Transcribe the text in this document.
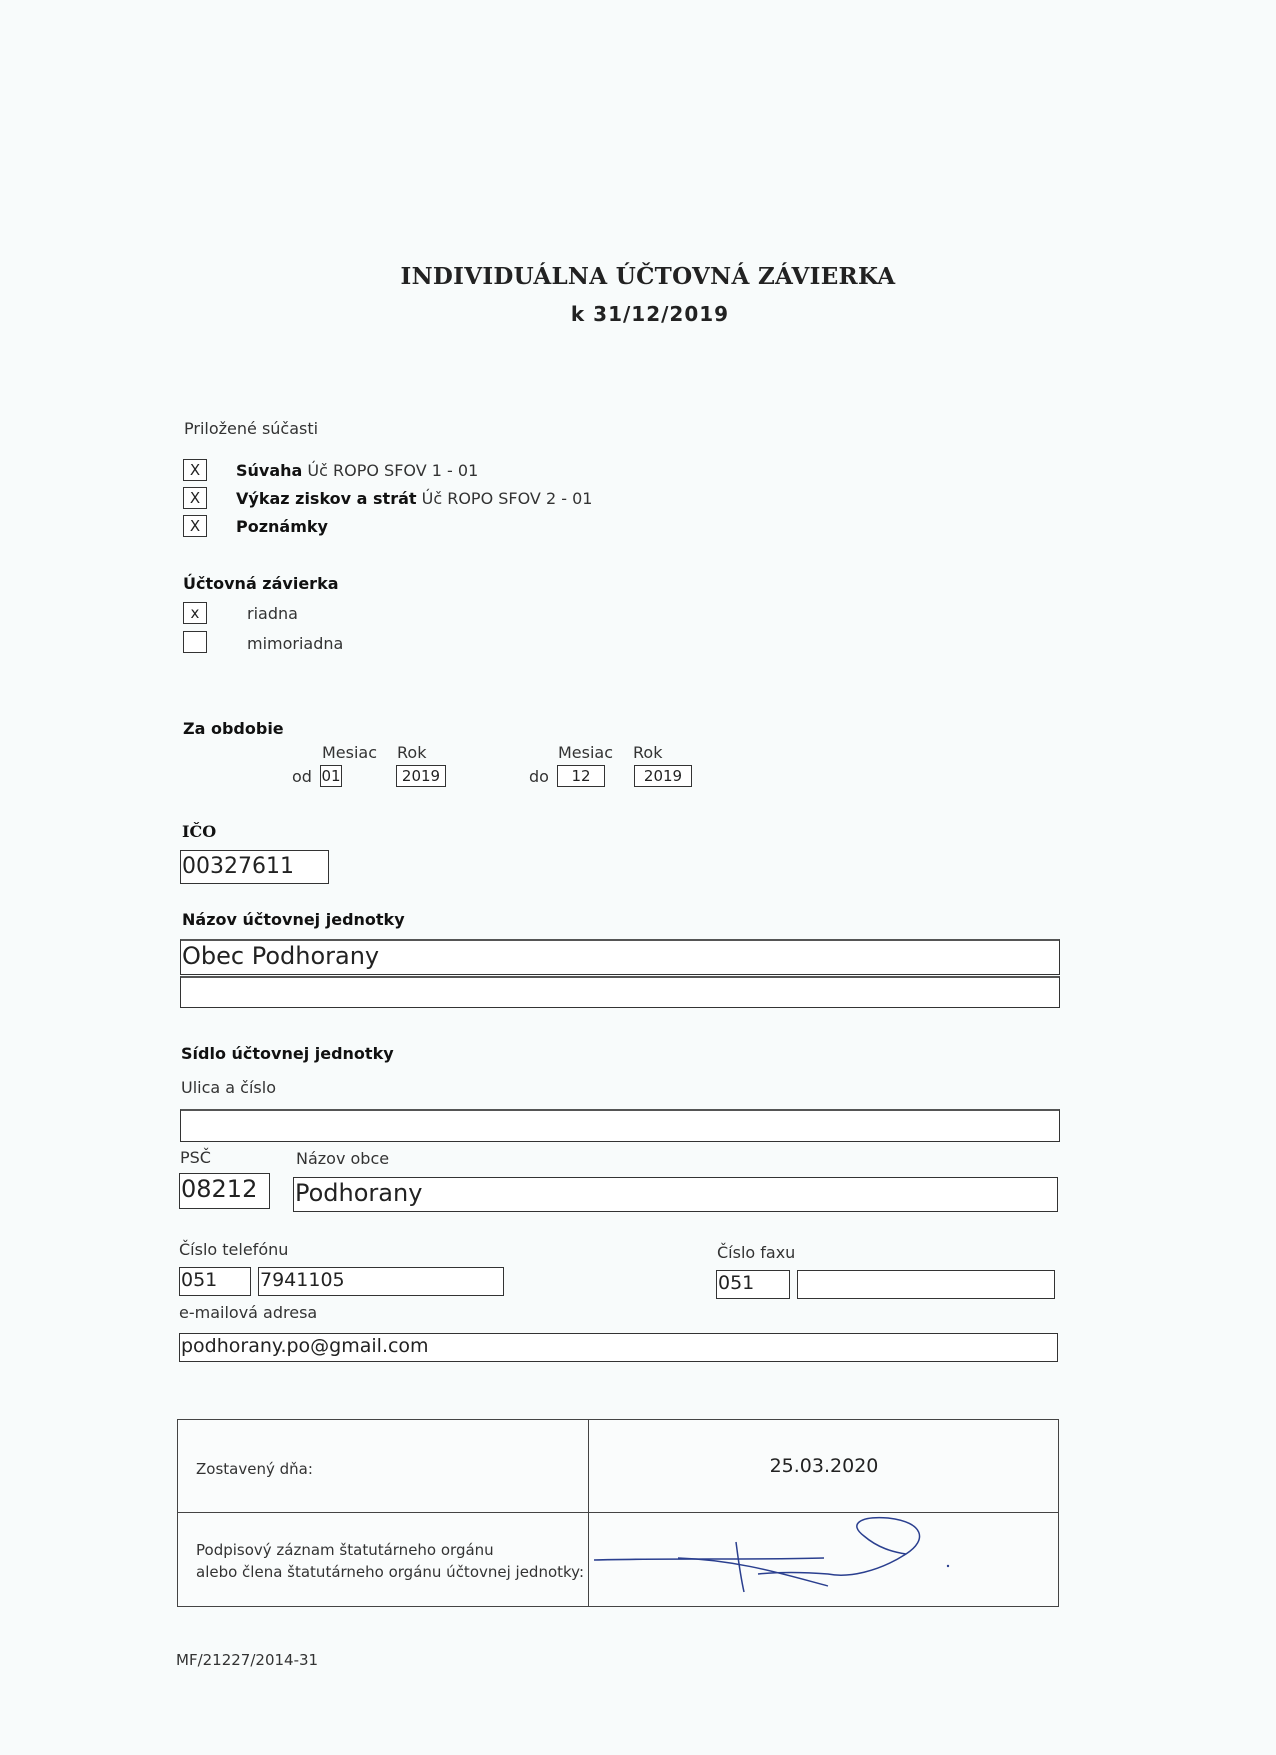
INDIVIDUÁLNA ÚČTOVNÁ ZÁVIERKA
k 31/12/2019
Priložené súčasti
X	Súvaha Úč ROPO SFOV 1 - 01
X	Výkaz ziskov a strát Úč ROPO SFOV 2 - 01
X	Poznámky
Účtovná závierka
x	riadna
mimoriadna
Za obdobie
Mesiac Rok	Mesiac Rok
od 01	2019	do	12	2019
IČO
00327611
Názov účtovnej jednotky
Obec Podhorany
Sídlo účtovnej jednotky
Ulica a číslo
PSČ	Názov obce
08212	Podhorany
Číslo telefónu	Číslo faxu
051	7941105	051
e-mailová adresa
podhorany.po@gmail.com
Zostavený dňa:	25.03.2020
Podpisový záznam štatutárneho orgánu
alebo člena štatutárneho orgánu účtovnej jednotky:
MF/21227/2014-31
